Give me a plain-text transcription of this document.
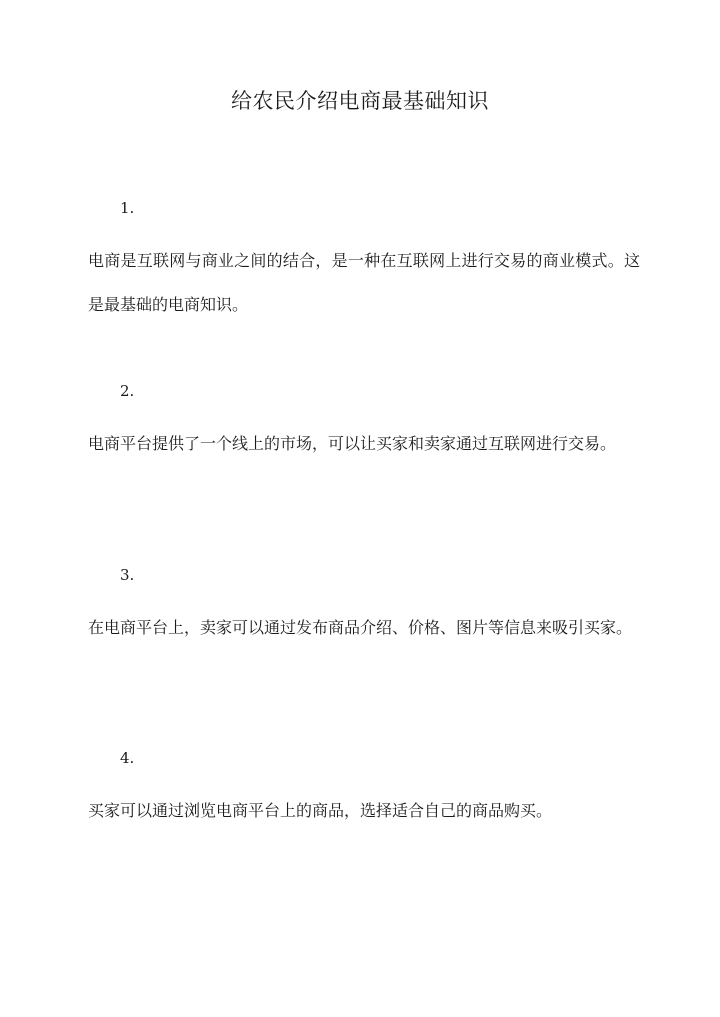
给农民介绍电商最基础知识
1.
电商是互联网与商业之间的结合，是一种在互联网上进行交易的商业模式。这是最基础的电商知识。
2.
电商平台提供了一个线上的市场，可以让买家和卖家通过互联网进行交易。
3.
在电商平台上，卖家可以通过发布商品介绍、价格、图片等信息来吸引买家。
4.
买家可以通过浏览电商平台上的商品，选择适合自己的商品购买。
